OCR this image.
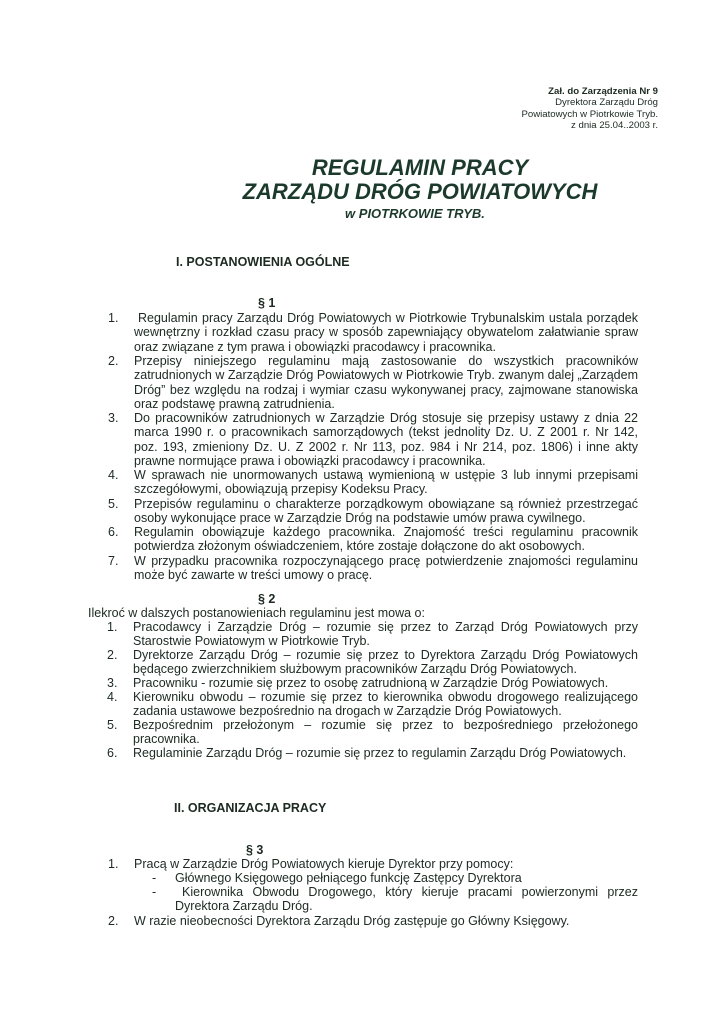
Zał. do Zarządzenia Nr 9
Dyrektora Zarządu Dróg
Powiatowych w Piotrkowie Tryb.
z dnia 25.04..2003 r.
REGULAMIN PRACY
ZARZĄDU DRÓG POWIATOWYCH
w PIOTRKOWIE TRYB.
I. POSTANOWIENIA OGÓLNE
§ 1
1. Regulamin pracy Zarządu Dróg Powiatowych w Piotrkowie Trybunalskim ustala porządek wewnętrzny i rozkład czasu pracy w sposób zapewniający obywatelom załatwianie spraw oraz związane z tym prawa i obowiązki pracodawcy i pracownika.
2. Przepisy niniejszego regulaminu mają zastosowanie do wszystkich pracowników zatrudnionych w Zarządzie Dróg Powiatowych w Piotrkowie Tryb. zwanym dalej „Zarządem Dróg” bez względu na rodzaj i wymiar czasu wykonywanej pracy, zajmowane stanowiska oraz podstawę prawną zatrudnienia.
3. Do pracowników zatrudnionych w Zarządzie Dróg stosuje się przepisy ustawy z dnia 22 marca 1990 r. o pracownikach samorządowych (tekst jednolity Dz. U. Z 2001 r. Nr 142, poz. 193, zmieniony Dz. U. Z 2002 r. Nr 113, poz. 984 i Nr 214, poz. 1806) i inne akty prawne normujące prawa i obowiązki pracodawcy i pracownika.
4. W sprawach nie unormowanych ustawą wymienioną w ustępie 3 lub innymi przepisami szczegółowymi, obowiązują przepisy Kodeksu Pracy.
5. Przepisów regulaminu o charakterze porządkowym obowiązane są również przestrzegać osoby wykonujące prace w Zarządzie Dróg na podstawie umów prawa cywilnego.
6. Regulamin obowiązuje każdego pracownika. Znajomość treści regulaminu pracownik potwierdza złożonym oświadczeniem, które zostaje dołączone do akt osobowych.
7. W przypadku pracownika rozpoczynającego pracę potwierdzenie znajomości regulaminu może być zawarte w treści umowy o pracę.
§ 2
Ilekroć w dalszych postanowieniach regulaminu jest mowa o:
1. Pracodawcy i Zarządzie Dróg – rozumie się przez to Zarząd Dróg Powiatowych przy Starostwie Powiatowym w Piotrkowie Tryb.
2. Dyrektorze Zarządu Dróg – rozumie się przez to Dyrektora Zarządu Dróg Powiatowych będącego zwierzchnikiem służbowym pracowników Zarządu Dróg Powiatowych.
3. Pracowniku - rozumie się przez to osobę zatrudnioną w Zarządzie Dróg Powiatowych.
4. Kierowniku obwodu – rozumie się przez to kierownika obwodu drogowego realizującego zadania ustawowe bezpośrednio na drogach w Zarządzie Dróg Powiatowych.
5. Bezpośrednim przełożonym – rozumie się przez to bezpośredniego przełożonego pracownika.
6. Regulaminie Zarządu Dróg – rozumie się przez to regulamin Zarządu Dróg Powiatowych.
II. ORGANIZACJA PRACY
§ 3
1. Pracą w Zarządzie Dróg Powiatowych kieruje Dyrektor przy pomocy:
- Głównego Księgowego pełniącego funkcję Zastępcy Dyrektora
- Kierownika Obwodu Drogowego, który kieruje pracami powierzonymi przez Dyrektora Zarządu Dróg.
2. W razie nieobecności Dyrektora Zarządu Dróg zastępuje go Główny Księgowy.
